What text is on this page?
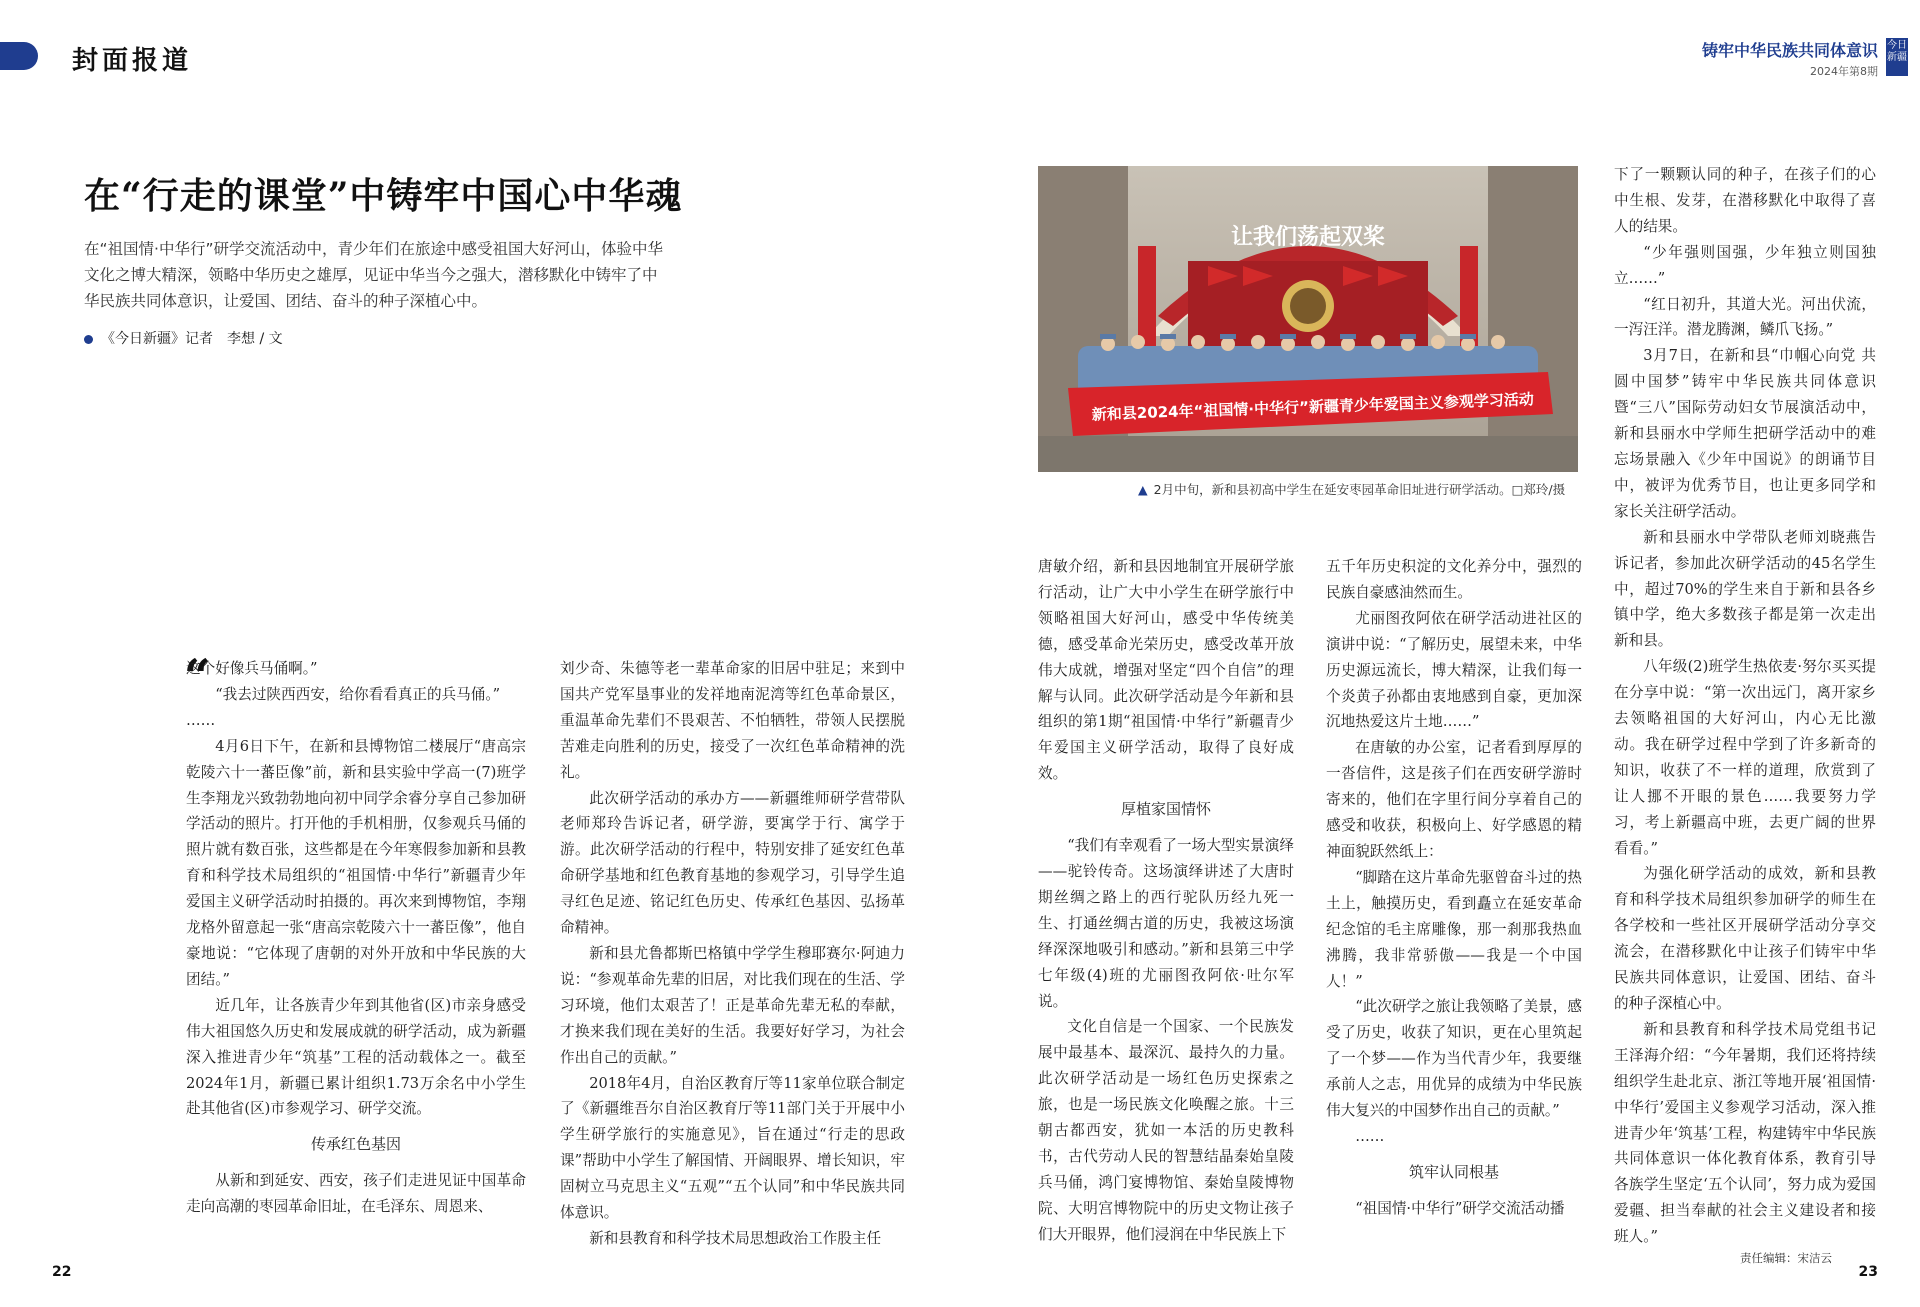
封面报道	铸牢中华民族共同体意识
2024年第8期
今日新疆
在“行走的课堂”中铸牢中国心中华魂
在“祖国情·中华行”研学交流活动中，青少年们在旅途中感受祖国大好河山，体验中华文化之博大精深，领略中华历史之雄厚，见证中华当今之强大，潜移默化中铸牢了中华民族共同体意识，让爱国、团结、奋斗的种子深植心中。
《今日新疆》记者　李想 / 文
让我们荡起双桨
新和县2024年“祖国情·中华行”新疆青少年爱国主义参观学习活动
▲ 2月中旬，新和县初高中学生在延安枣园革命旧址进行研学活动。□郑玲/摄
“

这个好像兵马俑啊。”

“我去过陕西西安，给你看看真正的兵马俑。”

……

4月6日下午，在新和县博物馆二楼展厅“唐高宗乾陵六十一蕃臣像”前，新和县实验中学高一(7)班学生李翔龙兴致勃勃地向初中同学余睿分享自己参加研学活动的照片。打开他的手机相册，仅参观兵马俑的照片就有数百张，这些都是在今年寒假参加新和县教育和科学技术局组织的“祖国情·中华行”新疆青少年爱国主义研学活动时拍摄的。再次来到博物馆，李翔龙格外留意起一张“唐高宗乾陵六十一蕃臣像”，他自豪地说：“它体现了唐朝的对外开放和中华民族的大团结。”

近几年，让各族青少年到其他省(区)市亲身感受伟大祖国悠久历史和发展成就的研学活动，成为新疆深入推进青少年“筑基”工程的活动载体之一。截至2024年1月，新疆已累计组织1.73万余名中小学生赴其他省(区)市参观学习、研学交流。

传承红色基因

从新和到延安、西安，孩子们走进见证中国革命走向高潮的枣园革命旧址，在毛泽东、周恩来、

刘少奇、朱德等老一辈革命家的旧居中驻足；来到中国共产党军垦事业的发祥地南泥湾等红色革命景区，重温革命先辈们不畏艰苦、不怕牺牲，带领人民摆脱苦难走向胜利的历史，接受了一次红色革命精神的洗礼。

此次研学活动的承办方——新疆维师研学营带队老师郑玲告诉记者，研学游，要寓学于行、寓学于游。此次研学活动的行程中，特别安排了延安红色革命研学基地和红色教育基地的参观学习，引导学生追寻红色足迹、铭记红色历史、传承红色基因、弘扬革命精神。

新和县尤鲁都斯巴格镇中学学生穆耶赛尔·阿迪力说：“参观革命先辈的旧居，对比我们现在的生活、学习环境，他们太艰苦了！正是革命先辈无私的奉献，才换来我们现在美好的生活。我要好好学习，为社会作出自己的贡献。”

2018年4月，自治区教育厅等11家单位联合制定了《新疆维吾尔自治区教育厅等11部门关于开展中小学生研学旅行的实施意见》，旨在通过“行走的思政课”帮助中小学生了解国情、开阔眼界、增长知识，牢固树立马克思主义“五观”“五个认同”和中华民族共同体意识。

新和县教育和科学技术局思想政治工作股主任

唐敏介绍，新和县因地制宜开展研学旅行活动，让广大中小学生在研学旅行中领略祖国大好河山，感受中华传统美德，感受革命光荣历史，感受改革开放伟大成就，增强对坚定“四个自信”的理解与认同。此次研学活动是今年新和县组织的第1期“祖国情·中华行”新疆青少年爱国主义研学活动，取得了良好成效。

厚植家国情怀

“我们有幸观看了一场大型实景演绎——驼铃传奇。这场演绎讲述了大唐时期丝绸之路上的西行驼队历经九死一生、打通丝绸古道的历史，我被这场演绎深深地吸引和感动。”新和县第三中学七年级(4)班的尤丽图孜阿依·吐尔军说。

文化自信是一个国家、一个民族发展中最基本、最深沉、最持久的力量。此次研学活动是一场红色历史探索之旅，也是一场民族文化唤醒之旅。十三朝古都西安，犹如一本活的历史教科书，古代劳动人民的智慧结晶秦始皇陵兵马俑，鸿门宴博物馆、秦始皇陵博物院、大明宫博物院中的历史文物让孩子们大开眼界，他们浸润在中华民族上下

五千年历史积淀的文化养分中，强烈的民族自豪感油然而生。

尤丽图孜阿依在研学活动进社区的演讲中说：“了解历史，展望未来，中华历史源远流长，博大精深，让我们每一个炎黄子孙都由衷地感到自豪，更加深沉地热爱这片土地……”

在唐敏的办公室，记者看到厚厚的一沓信件，这是孩子们在西安研学游时寄来的，他们在字里行间分享着自己的感受和收获，积极向上、好学感恩的精神面貌跃然纸上：

“脚踏在这片革命先驱曾奋斗过的热土上，触摸历史，看到矗立在延安革命纪念馆的毛主席雕像，那一刹那我热血沸腾，我非常骄傲——我是一个中国人！”

“此次研学之旅让我领略了美景，感受了历史，收获了知识，更在心里筑起了一个梦——作为当代青少年，我要继承前人之志，用优异的成绩为中华民族伟大复兴的中国梦作出自己的贡献。”

……

筑牢认同根基

“祖国情·中华行”研学交流活动播

下了一颗颗认同的种子，在孩子们的心中生根、发芽，在潜移默化中取得了喜人的结果。

“少年强则国强，少年独立则国独立……”

“红日初升，其道大光。河出伏流，一泻汪洋。潜龙腾渊，鳞爪飞扬。”

3月7日，在新和县“巾帼心向党 共圆中国梦”铸牢中华民族共同体意识暨“三八”国际劳动妇女节展演活动中，新和县丽水中学师生把研学活动中的难忘场景融入《少年中国说》的朗诵节目中，被评为优秀节目，也让更多同学和家长关注研学活动。

新和县丽水中学带队老师刘晓燕告诉记者，参加此次研学活动的45名学生中，超过70%的学生来自于新和县各乡镇中学，绝大多数孩子都是第一次走出新和县。

八年级(2)班学生热依麦·努尔买买提在分享中说：“第一次出远门，离开家乡去领略祖国的大好河山，内心无比激动。我在研学过程中学到了许多新奇的知识，收获了不一样的道理，欣赏到了让人挪不开眼的景色……我要努力学习，考上新疆高中班，去更广阔的世界看看。”

为强化研学活动的成效，新和县教育和科学技术局组织参加研学的师生在各学校和一些社区开展研学活动分享交流会，在潜移默化中让孩子们铸牢中华民族共同体意识，让爱国、团结、奋斗的种子深植心中。

新和县教育和科学技术局党组书记王泽海介绍：“今年暑期，我们还将持续组织学生赴北京、浙江等地开展‘祖国情·中华行’爱国主义参观学习活动，深入推进青少年‘筑基’工程，构建铸牢中华民族共同体意识一体化教育体系，教育引导各族学生坚定‘五个认同’，努力成为爱国爱疆、担当奉献的社会主义建设者和接班人。”

22	23
责任编辑：宋洁云
